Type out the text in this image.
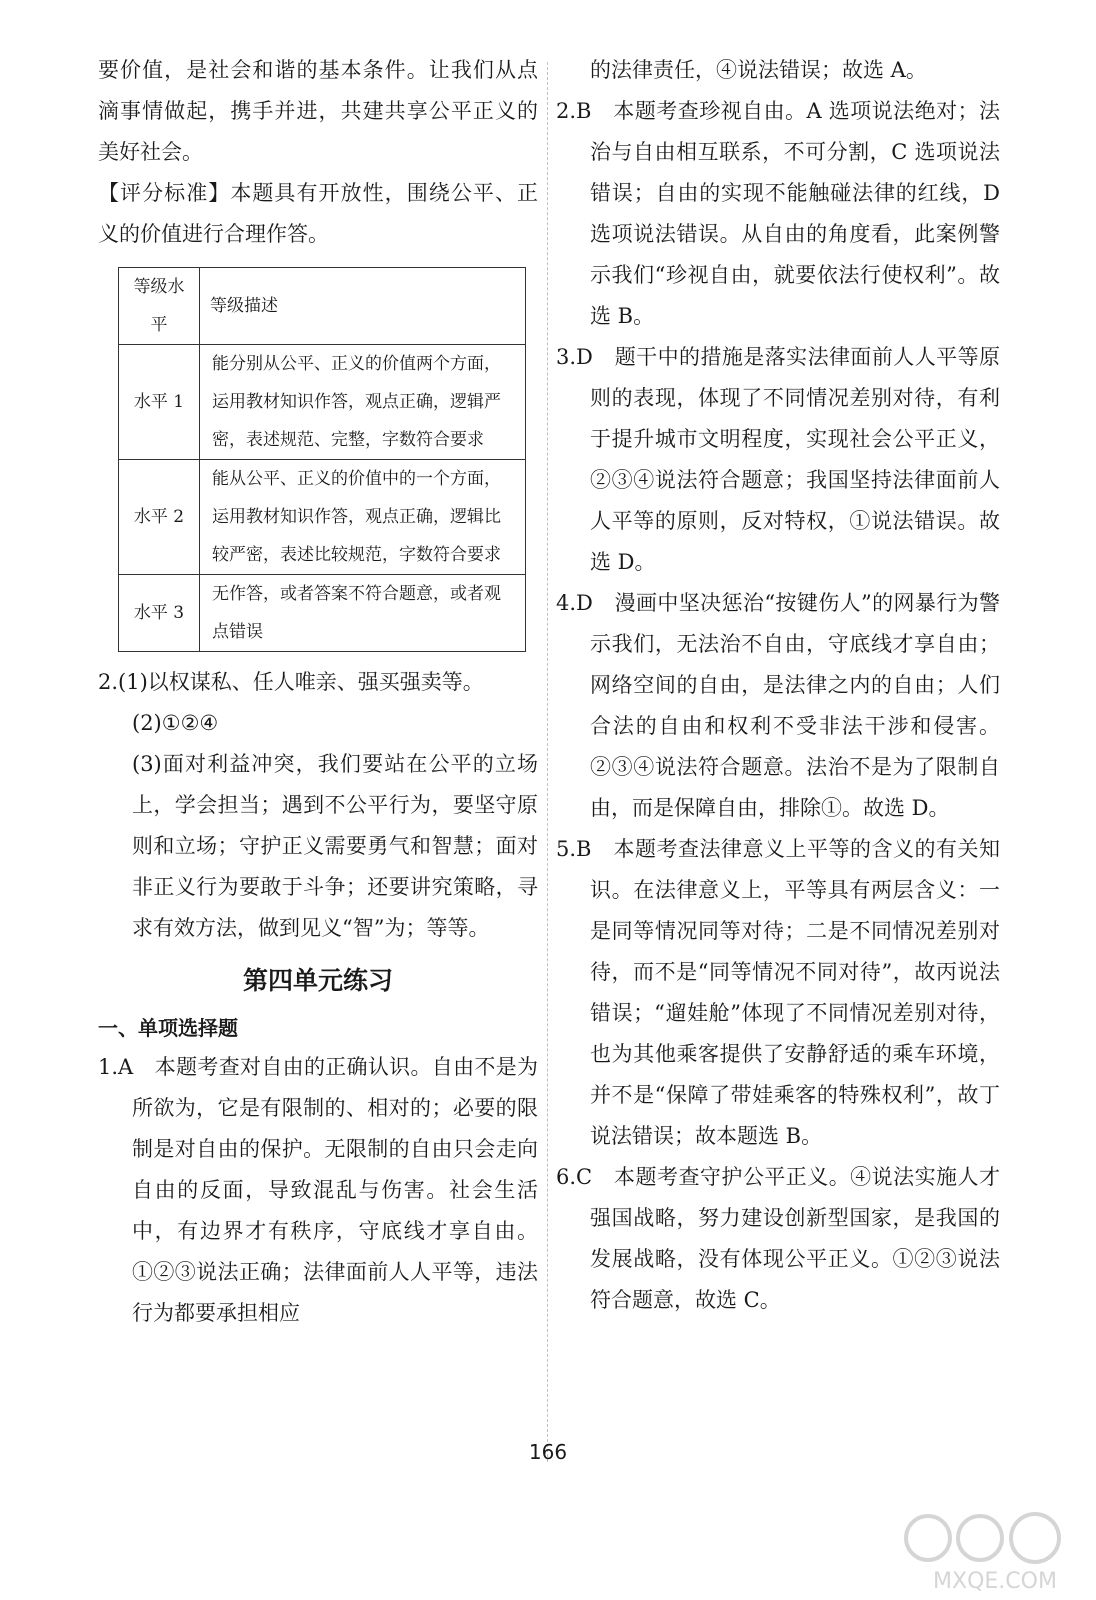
要价值，是社会和谐的基本条件。让我们从点滴事情做起，携手并进，共建共享公平正义的美好社会。

【评分标准】本题具有开放性，围绕公平、正义的价值进行合理作答。

等级水平	等级描述
水平 1	能分别从公平、正义的价值两个方面，运用教材知识作答，观点正确，逻辑严密，表述规范、完整，字数符合要求
水平 2	能从公平、正义的价值中的一个方面，运用教材知识作答，观点正确，逻辑比较严密，表述比较规范，字数符合要求
水平 3	无作答，或者答案不符合题意，或者观点错误

2.(1)以权谋私、任人唯亲、强买强卖等。

(2)①②④

(3)面对利益冲突，我们要站在公平的立场上，学会担当；遇到不公平行为，要坚守原则和立场；守护正义需要勇气和智慧；面对非正义行为要敢于斗争；还要讲究策略，寻求有效方法，做到见义“智”为；等等。

第四单元练习
一、单项选择题

1.A　本题考查对自由的正确认识。自由不是为所欲为，它是有限制的、相对的；必要的限制是对自由的保护。无限制的自由只会走向自由的反面，导致混乱与伤害。社会生活中，有边界才有秩序，守底线才享自由。①②③说法正确；法律面前人人平等，违法行为都要承担相应

的法律责任，④说法错误；故选 A。

2.B　本题考查珍视自由。A 选项说法绝对；法治与自由相互联系，不可分割，C 选项说法错误；自由的实现不能触碰法律的红线，D 选项说法错误。从自由的角度看，此案例警示我们“珍视自由，就要依法行使权利”。故选 B。

3.D　题干中的措施是落实法律面前人人平等原则的表现，体现了不同情况差别对待，有利于提升城市文明程度，实现社会公平正义，②③④说法符合题意；我国坚持法律面前人人平等的原则，反对特权，①说法错误。故选 D。

4.D　漫画中坚决惩治“按键伤人”的网暴行为警示我们，无法治不自由，守底线才享自由；网络空间的自由，是法律之内的自由；人们合法的自由和权利不受非法干涉和侵害。②③④说法符合题意。法治不是为了限制自由，而是保障自由，排除①。故选 D。

5.B　本题考查法律意义上平等的含义的有关知识。在法律意义上，平等具有两层含义：一是同等情况同等对待；二是不同情况差别对待，而不是“同等情况不同对待”，故丙说法错误；“遛娃舱”体现了不同情况差别对待，也为其他乘客提供了安静舒适的乘车环境，并不是“保障了带娃乘客的特殊权利”，故丁说法错误；故本题选 B。

6.C　本题考查守护公平正义。④说法实施人才强国战略，努力建设创新型国家，是我国的发展战略，没有体现公平正义。①②③说法符合题意，故选 C。

166
MXQE.COM
